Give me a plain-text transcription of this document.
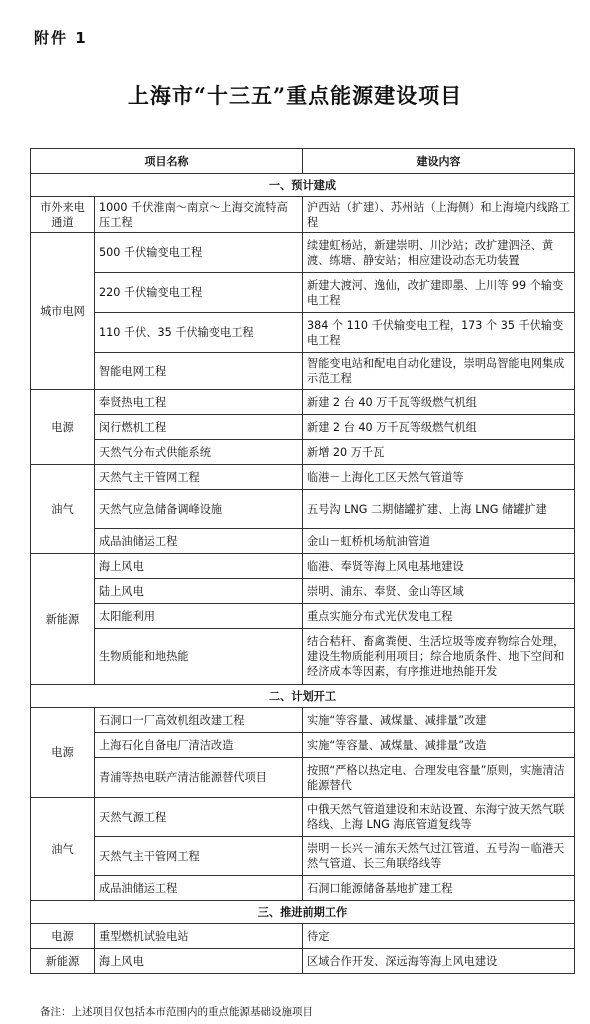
附件 1
上海市“十三五”重点能源建设项目
项目名称		建设内容
一、预计建成		
市外来电通道	1000 千伏淮南～南京～上海交流特高压工程	沪西站（扩建）、苏州站（上海侧）和上海境内线路工程
城市电网	500 千伏输变电工程	续建虹杨站，新建崇明、川沙站；改扩建泗泾、黄渡、练塘、静安站；相应建设动态无功装置
	220 千伏输变电工程	新建大渡河、逸仙，改扩建即墨、上川等 99 个输变电工程
	110 千伏、35 千伏输变电工程	384 个 110 千伏输变电工程，173 个 35 千伏输变电工程
	智能电网工程	智能变电站和配电自动化建设，崇明岛智能电网集成示范工程
电源	奉贤热电工程	新建 2 台 40 万千瓦等级燃气机组
	闵行燃机工程	新建 2 台 40 万千瓦等级燃气机组
	天然气分布式供能系统	新增 20 万千瓦
油气	天然气主干管网工程	临港－上海化工区天然气管道等
	天然气应急储备调峰设施	五号沟 LNG 二期储罐扩建、上海 LNG 储罐扩建
	成品油储运工程	金山－虹桥机场航油管道
新能源	海上风电	临港、奉贤等海上风电基地建设
	陆上风电	崇明、浦东、奉贤、金山等区域
	太阳能利用	重点实施分布式光伏发电工程
	生物质能和地热能	结合秸秆、畜禽粪便、生活垃圾等废弃物综合处理，建设生物质能利用项目；综合地质条件、地下空间和经济成本等因素，有序推进地热能开发
二、计划开工		
电源	石洞口一厂高效机组改建工程	实施“等容量、减煤量、减排量”改建
	上海石化自备电厂清洁改造	实施“等容量、减煤量、减排量”改造
	青浦等热电联产清洁能源替代项目	按照“严格以热定电、合理发电容量”原则，实施清洁能源替代
油气	天然气源工程	中俄天然气管道建设和末站设置、东海宁波天然气联络线、上海 LNG 海底管道复线等
	天然气主干管网工程	崇明－长兴－浦东天然气过江管道、五号沟－临港天然气管道、长三角联络线等
	成品油储运工程	石洞口能源储备基地扩建工程
三、推进前期工作		
电源	重型燃机试验电站	待定
新能源	海上风电	区域合作开发、深远海等海上风电建设
备注：上述项目仅包括本市范围内的重点能源基础设施项目
